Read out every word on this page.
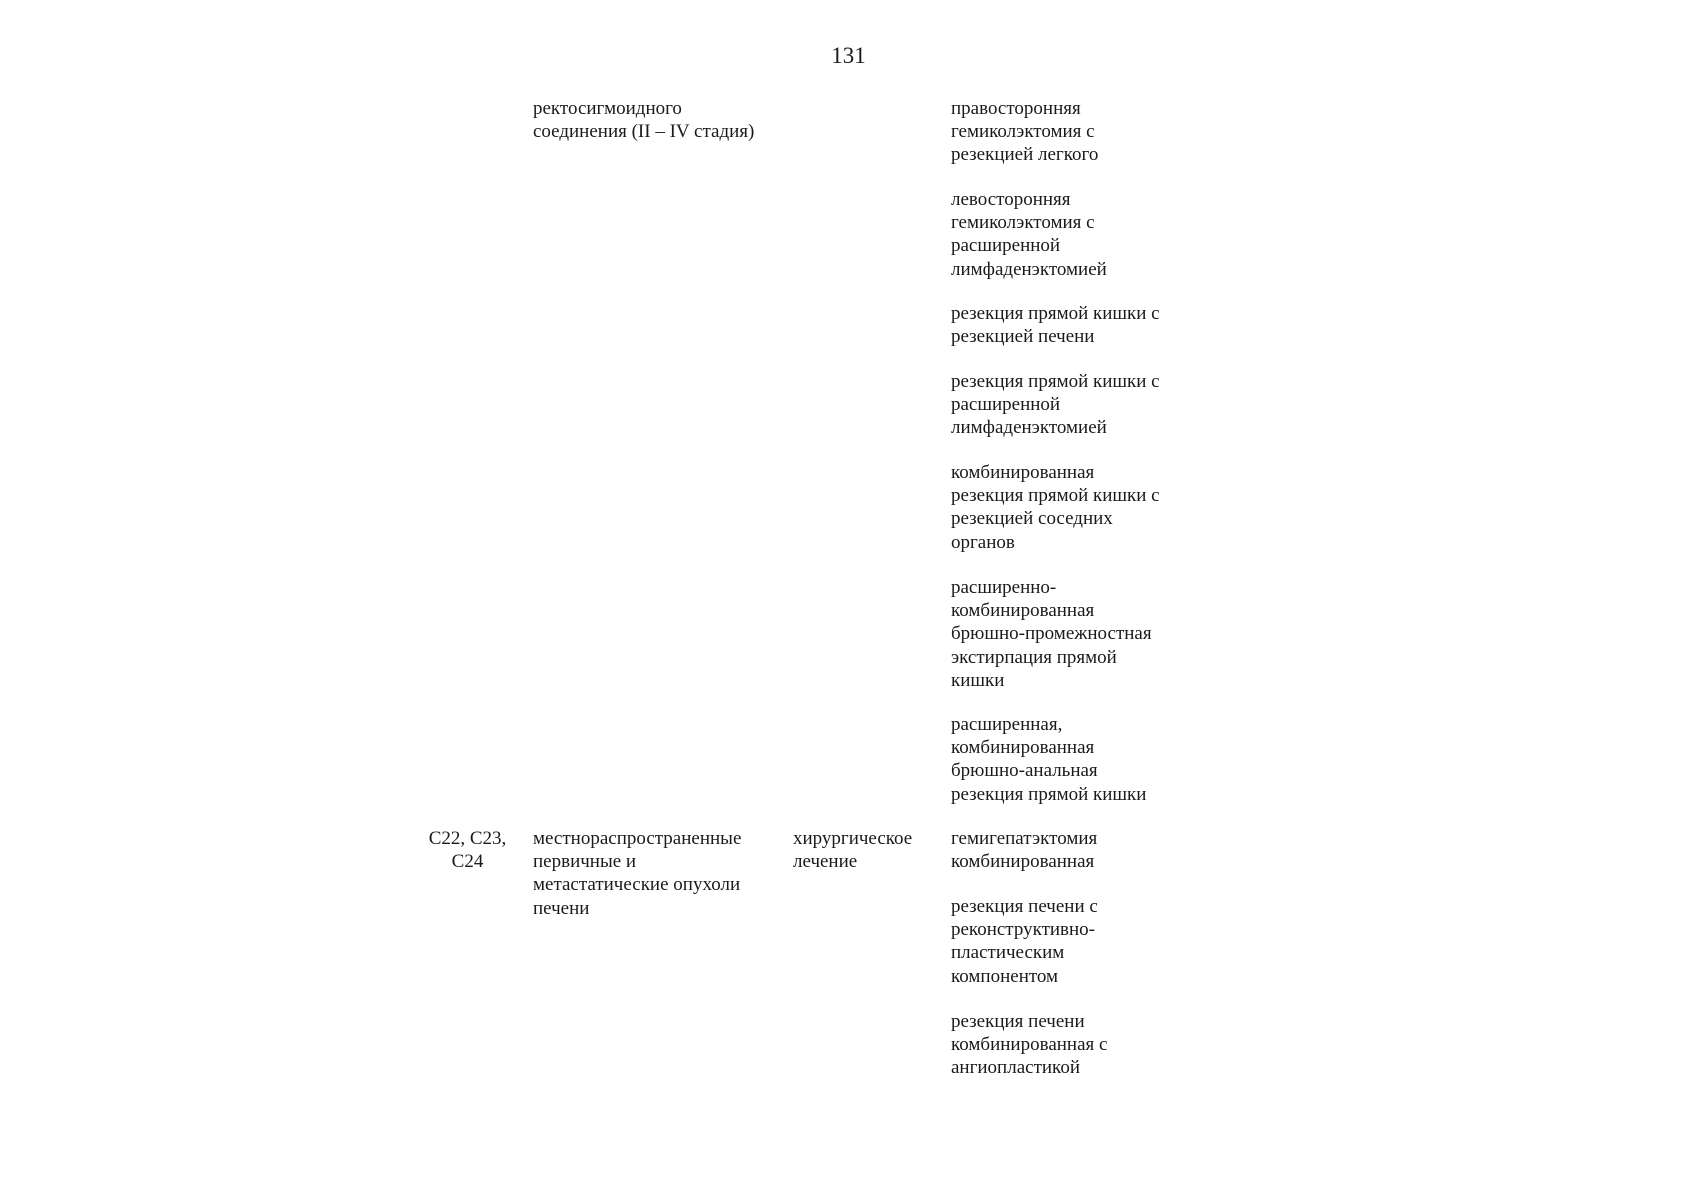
131
ректосигмоидного
соединения (II – IV стадия)
правосторонняя
гемиколэктомия с
резекцией легкого
левосторонняя
гемиколэктомия с
расширенной
лимфаденэктомией
резекция прямой кишки с
резекцией печени
резекция прямой кишки с
расширенной
лимфаденэктомией
комбинированная
резекция прямой кишки с
резекцией соседних
органов
расширенно-
комбинированная
брюшно-промежностная
экстирпация прямой
кишки
расширенная,
комбинированная
брюшно-анальная
резекция прямой кишки
C22, C23,
C24
местнораспространенные
первичные и
метастатические опухоли
печени
хирургическое
лечение
гемигепатэктомия
комбинированная
резекция печени с
реконструктивно-
пластическим
компонентом
резекция печени
комбинированная с
ангиопластикой
